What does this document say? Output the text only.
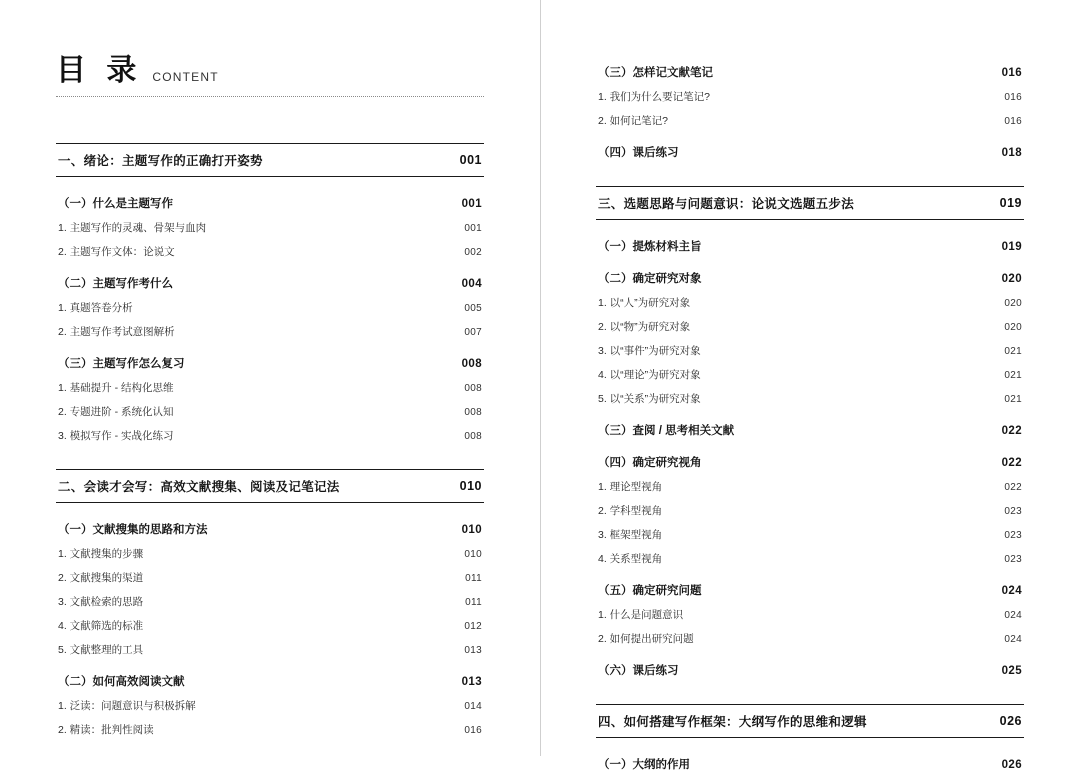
目 录 CONTENT
一、绪论：主题写作的正确打开姿势	001
（一）什么是主题写作	001
1. 主题写作的灵魂、骨架与血肉	001
2. 主题写作文体：论说文	002
（二）主题写作考什么	004
1. 真题答卷分析	005
2. 主题写作考试意图解析	007
（三）主题写作怎么复习	008
1. 基础提升 - 结构化思维	008
2. 专题进阶 - 系统化认知	008
3. 模拟写作 - 实战化练习	008
二、会读才会写：高效文献搜集、阅读及记笔记法	010
（一）文献搜集的思路和方法	010
1. 文献搜集的步骤	010
2. 文献搜集的渠道	011
3. 文献检索的思路	011
4. 文献筛选的标准	012
5. 文献整理的工具	013
（二）如何高效阅读文献	013
1. 泛读：问题意识与积极拆解	014
2. 精读：批判性阅读	016
（三）怎样记文献笔记	016
1. 我们为什么要记笔记?	016
2. 如何记笔记?	016
（四）课后练习	018
三、选题思路与问题意识：论说文选题五步法	019
（一）提炼材料主旨	019
（二）确定研究对象	020
1. 以“人”为研究对象	020
2. 以“物”为研究对象	020
3. 以“事件”为研究对象	021
4. 以“理论”为研究对象	021
5. 以“关系”为研究对象	021
（三）查阅 / 思考相关文献	022
（四）确定研究视角	022
1. 理论型视角	022
2. 学科型视角	023
3. 框架型视角	023
4. 关系型视角	023
（五）确定研究问题	024
1. 什么是问题意识	024
2. 如何提出研究问题	024
（六）课后练习	025
四、如何搭建写作框架：大纲写作的思维和逻辑	026
（一）大纲的作用	026
